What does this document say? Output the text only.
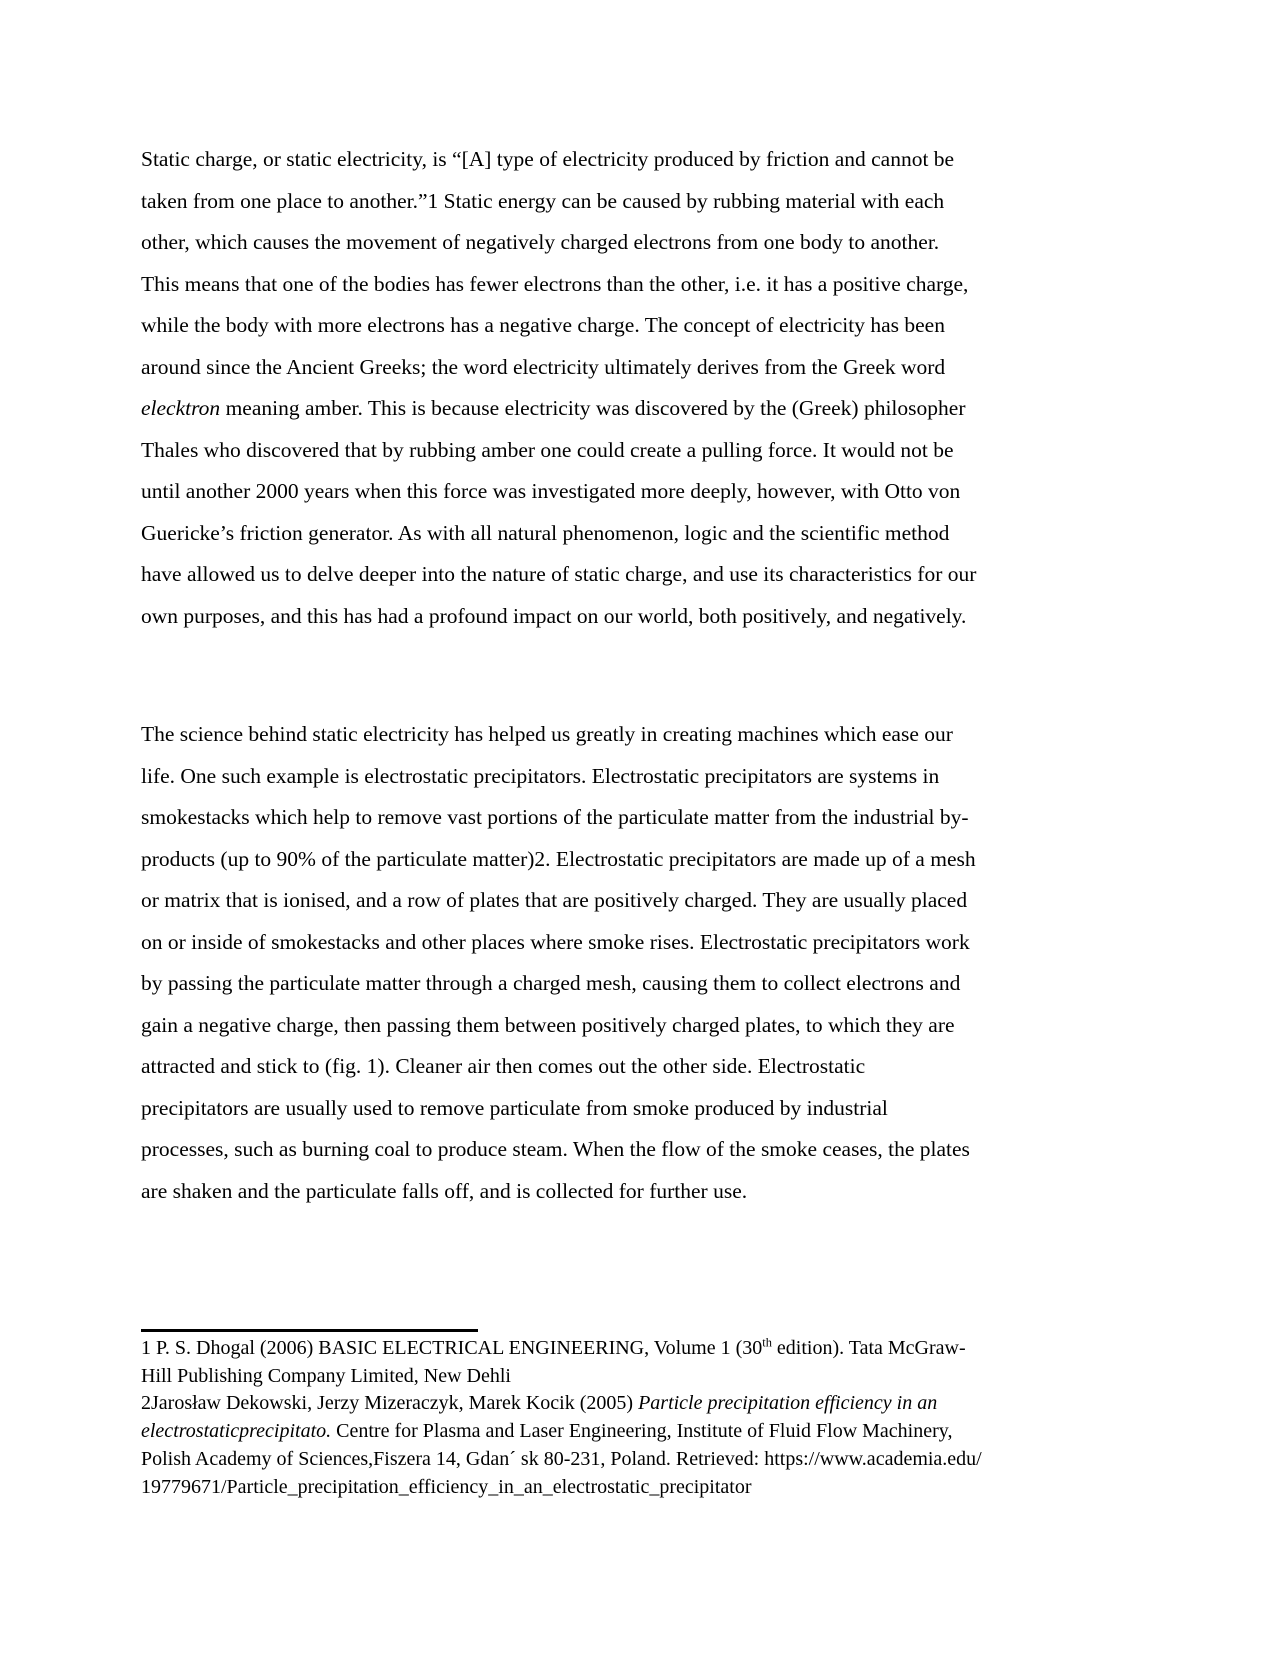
Static charge, or static electricity, is “[A] type of electricity produced by friction and cannot be
taken from one place to another.”1 Static energy can be caused by rubbing material with each
other, which causes the movement of negatively charged electrons from one body to another.
This means that one of the bodies has fewer electrons than the other, i.e. it has a positive charge,
while the body with more electrons has a negative charge. The concept of electricity has been
around since the Ancient Greeks; the word electricity ultimately derives from the Greek word
elecktron meaning amber. This is because electricity was discovered by the (Greek) philosopher
Thales who discovered that by rubbing amber one could create a pulling force. It would not be
until another 2000 years when this force was investigated more deeply, however, with Otto von
Guericke’s friction generator. As with all natural phenomenon, logic and the scientific method
have allowed us to delve deeper into the nature of static charge, and use its characteristics for our
own purposes, and this has had a profound impact on our world, both positively, and negatively.
The science behind static electricity has helped us greatly in creating machines which ease our
life. One such example is electrostatic precipitators. Electrostatic precipitators are systems in
smokestacks which help to remove vast portions of the particulate matter from the industrial by-
products (up to 90% of the particulate matter)2. Electrostatic precipitators are made up of a mesh
or matrix that is ionised, and a row of plates that are positively charged. They are usually placed
on or inside of smokestacks and other places where smoke rises. Electrostatic precipitators work
by passing the particulate matter through a charged mesh, causing them to collect electrons and
gain a negative charge, then passing them between positively charged plates, to which they are
attracted and stick to (fig. 1). Cleaner air then comes out the other side. Electrostatic
precipitators are usually used to remove particulate from smoke produced by industrial
processes, such as burning coal to produce steam. When the flow of the smoke ceases, the plates
are shaken and the particulate falls off, and is collected for further use.
1 P. S. Dhogal (2006) BASIC ELECTRICAL ENGINEERING, Volume 1 (30th edition). Tata McGraw-
Hill Publishing Company Limited, New Dehli
2Jarosław Dekowski, Jerzy Mizeraczyk, Marek Kocik (2005) Particle precipitation efficiency in an
electrostaticprecipitato. Centre for Plasma and Laser Engineering, Institute of Fluid Flow Machinery,
Polish Academy of Sciences,Fiszera 14, Gdan´ sk 80-231, Poland. Retrieved: https://www.academia.edu/
19779671/Particle_precipitation_efficiency_in_an_electrostatic_precipitator
